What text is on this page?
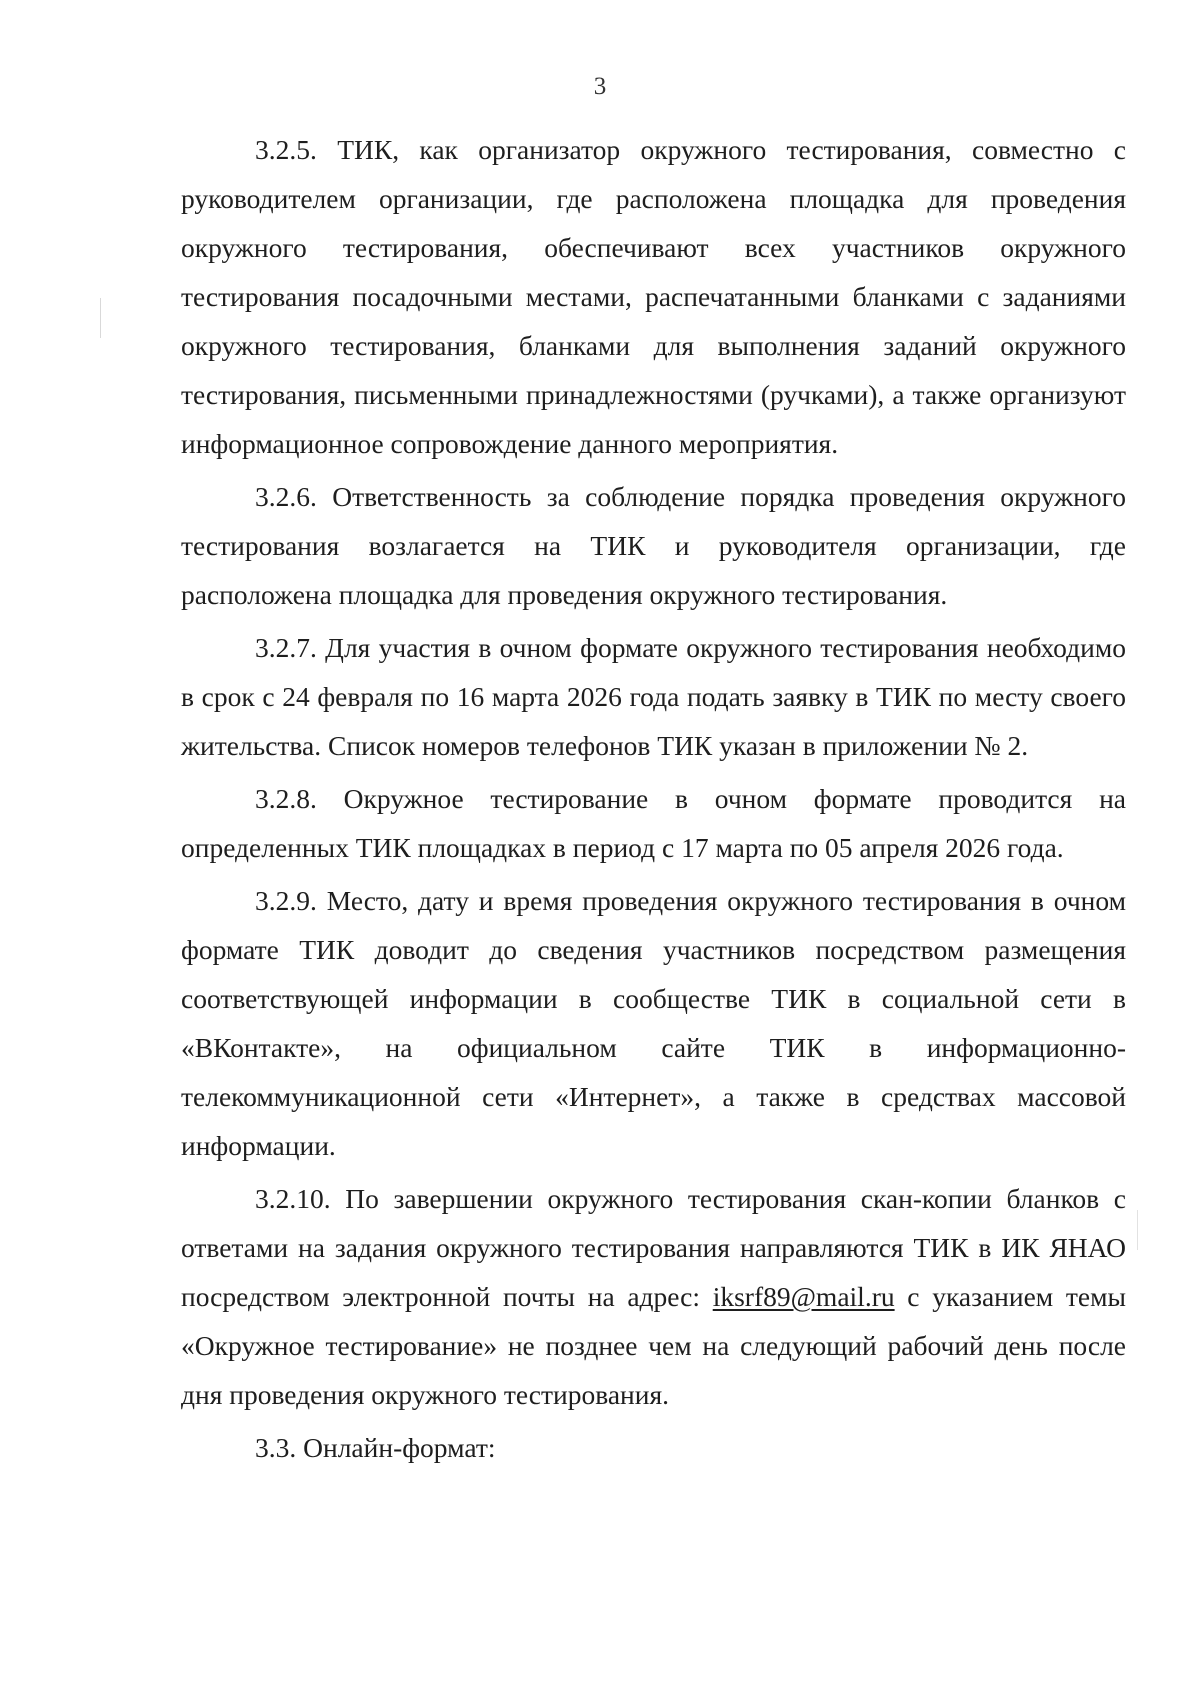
3

3.2.5. ТИК, как организатор окружного тестирования, совместно с руководителем организации, где расположена площадка для проведения окружного тестирования, обеспечивают всех участников окружного тестирования посадочными местами, распечатанными бланками с заданиями окружного тестирования, бланками для выполнения заданий окружного тестирования, письменными принадлежностями (ручками), а также организуют информационное сопровождение данного мероприятия.

3.2.6. Ответственность за соблюдение порядка проведения окружного тестирования возлагается на ТИК и руководителя организации, где расположена площадка для проведения окружного тестирования.

3.2.7. Для участия в очном формате окружного тестирования необходимо в срок с 24 февраля по 16 марта 2026 года подать заявку в ТИК по месту своего жительства. Список номеров телефонов ТИК указан в приложении № 2.

3.2.8. Окружное тестирование в очном формате проводится на определенных ТИК площадках в период с 17 марта по 05 апреля 2026 года.

3.2.9. Место, дату и время проведения окружного тестирования в очном формате ТИК доводит до сведения участников посредством размещения соответствующей информации в сообществе ТИК в социальной сети в «ВКонтакте», на официальном сайте ТИК в информационно-телекоммуникационной сети «Интернет», а также в средствах массовой информации.

3.2.10. По завершении окружного тестирования скан-копии бланков с ответами на задания окружного тестирования направляются ТИК в ИК ЯНАО посредством электронной почты на адрес: iksrf89@mail.ru с указанием темы «Окружное тестирование» не позднее чем на следующий рабочий день после дня проведения окружного тестирования.

3.3. Онлайн-формат:
